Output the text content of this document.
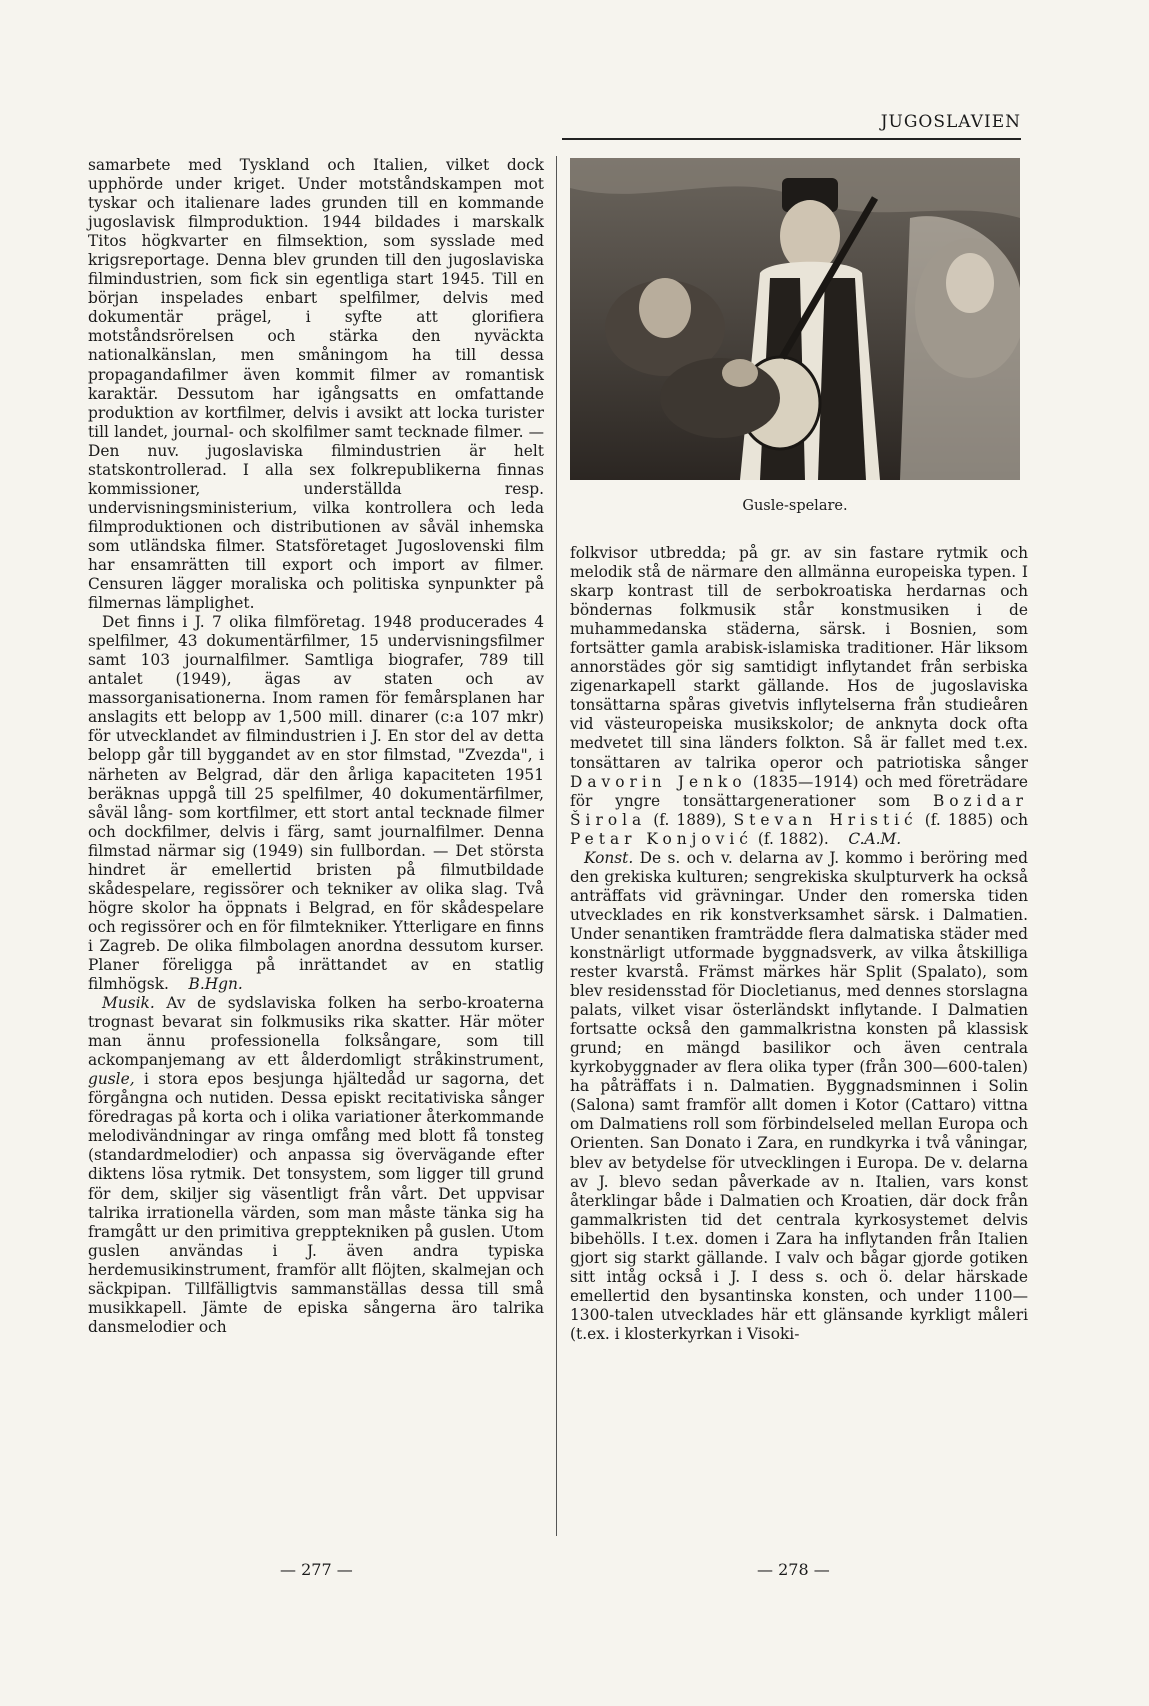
JUGOSLAVIEN

samarbete med Tyskland och Italien, vilket dock upphörde under kriget. Under motståndskampen mot tyskar och italienare lades grunden till en kommande jugoslavisk filmproduktion. 1944 bildades i marskalk Titos högkvarter en filmsektion, som sysslade med krigsreportage. Denna blev grunden till den jugoslaviska filmindustrien, som fick sin egentliga start 1945. Till en början inspelades enbart spelfilmer, delvis med dokumentär prägel, i syfte att glorifiera motståndsrörelsen och stärka den nyväckta nationalkänslan, men småningom ha till dessa propagandafilmer även kommit filmer av romantisk karaktär. Dessutom har igångsatts en omfattande produktion av kortfilmer, delvis i avsikt att locka turister till landet, journal- och skolfilmer samt tecknade filmer. — Den nuv. jugoslaviska filmindustrien är helt statskontrollerad. I alla sex folkrepublikerna finnas kommissioner, underställda resp. undervisningsministerium, vilka kontrollera och leda filmproduktionen och distributionen av såväl inhemska som utländska filmer. Statsföretaget Jugoslovenski film har ensamrätten till export och import av filmer. Censuren lägger moraliska och politiska synpunkter på filmernas lämplighet.

Det finns i J. 7 olika filmföretag. 1948 producerades 4 spelfilmer, 43 dokumentärfilmer, 15 undervisningsfilmer samt 103 journalfilmer. Samtliga biografer, 789 till antalet (1949), ägas av staten och av massorganisationerna. Inom ramen för femårsplanen har anslagits ett belopp av 1,500 mill. dinarer (c:a 107 mkr) för utvecklandet av filmindustrien i J. En stor del av detta belopp går till byggandet av en stor filmstad, "Zvezda", i närheten av Belgrad, där den årliga kapaciteten 1951 beräknas uppgå till 25 spelfilmer, 40 dokumentärfilmer, såväl lång- som kortfilmer, ett stort antal tecknade filmer och dockfilmer, delvis i färg, samt journalfilmer. Denna filmstad närmar sig (1949) sin fullbordan. — Det största hindret är emellertid bristen på filmutbildade skådespelare, regissörer och tekniker av olika slag. Två högre skolor ha öppnats i Belgrad, en för skådespelare och regissörer och en för filmtekniker. Ytterligare en finns i Zagreb. De olika filmbolagen anordna dessutom kurser. Planer föreligga på inrättandet av en statlig filmhögsk. B.Hgn.

Musik. Av de sydslaviska folken ha serbo-kroaterna trognast bevarat sin folkmusiks rika skatter. Här möter man ännu professionella folksångare, som till ackompanjemang av ett ålderdomligt stråkinstrument, gusle, i stora epos besjunga hjältedåd ur sagorna, det förgångna och nutiden. Dessa episkt recitativiska sånger föredragas på korta och i olika variationer återkommande melodivändningar av ringa omfång med blott få tonsteg (standardmelodier) och anpassa sig övervägande efter diktens lösa rytmik. Det tonsystem, som ligger till grund för dem, skiljer sig väsentligt från vårt. Det uppvisar talrika irrationella värden, som man måste tänka sig ha framgått ur den primitiva grepptekniken på guslen. Utom guslen användas i J. även andra typiska herdemusikinstrument, framför allt flöjten, skalmejan och säckpipan. Tillfälligtvis sammanställas dessa till små musikkapell. Jämte de episka sångerna äro talrika dansmelodier och

Gusle-spelare.

folkvisor utbredda; på gr. av sin fastare rytmik och melodik stå de närmare den allmänna europeiska typen. I skarp kontrast till de serbokroatiska herdarnas och böndernas folkmusik står konstmusiken i de muhammedanska städerna, särsk. i Bosnien, som fortsätter gamla arabisk-islamiska traditioner. Här liksom annorstädes gör sig samtidigt inflytandet från serbiska zigenarkapell starkt gällande. Hos de jugoslaviska tonsättarna spåras givetvis inflytelserna från studieåren vid västeuropeiska musikskolor; de anknyta dock ofta medvetet till sina länders folkton. Så är fallet med t.ex. tonsättaren av talrika operor och patriotiska sånger Davorin Jenko (1835—1914) och med företrädare för yngre tonsättargenerationer som Bozidar Širola (f. 1889), Stevan Hristić (f. 1885) och Petar Konjović (f. 1882). C.A.M.

Konst. De s. och v. delarna av J. kommo i beröring med den grekiska kulturen; sengrekiska skulpturverk ha också anträffats vid grävningar. Under den romerska tiden utvecklades en rik konstverksamhet särsk. i Dalmatien. Under senantiken framträdde flera dalmatiska städer med konstnärligt utformade byggnadsverk, av vilka åtskilliga rester kvarstå. Främst märkes här Split (Spalato), som blev residensstad för Diocletianus, med dennes storslagna palats, vilket visar österländskt inflytande. I Dalmatien fortsatte också den gammalkristna konsten på klassisk grund; en mängd basilikor och även centrala kyrkobyggnader av flera olika typer (från 300—600-talen) ha påträffats i n. Dalmatien. Byggnadsminnen i Solin (Salona) samt framför allt domen i Kotor (Cattaro) vittna om Dalmatiens roll som förbindelseled mellan Europa och Orienten. San Donato i Zara, en rundkyrka i två våningar, blev av betydelse för utvecklingen i Europa. De v. delarna av J. blevo sedan påverkade av n. Italien, vars konst återklingar både i Dalmatien och Kroatien, där dock från gammalkristen tid det centrala kyrkosystemet delvis bibehölls. I t.ex. domen i Zara ha inflytanden från Italien gjort sig starkt gällande. I valv och bågar gjorde gotiken sitt intåg också i J. I dess s. och ö. delar härskade emellertid den bysantinska konsten, och under 1100—1300-talen utvecklades här ett glänsande kyrkligt måleri (t.ex. i klosterkyrkan i Visoki-

— 277 —	— 278 —
